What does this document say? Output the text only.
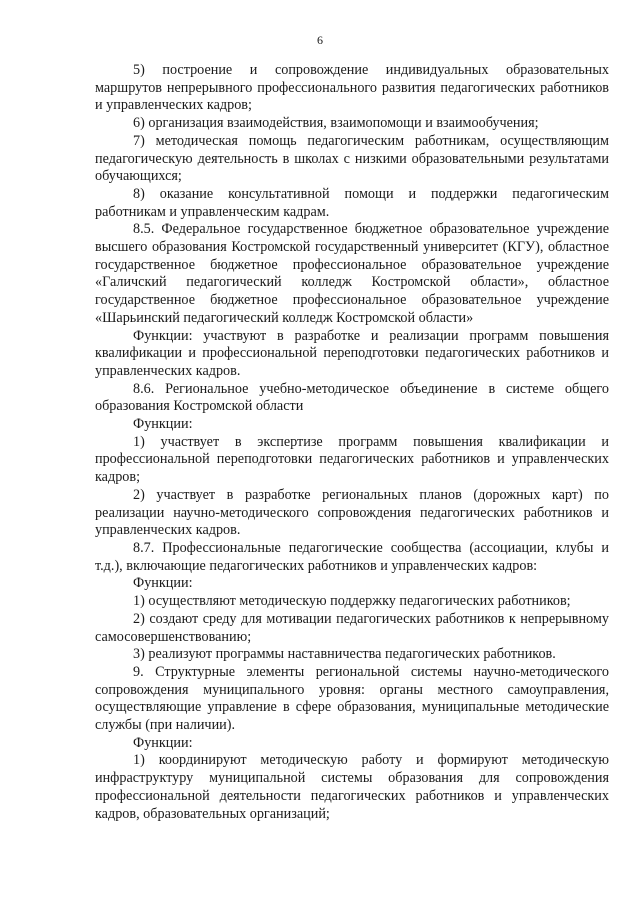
6

5) построение и сопровождение индивидуальных образовательных маршрутов непрерывного профессионального развития педагогических работников и управленческих кадров;

6) организация взаимодействия, взаимопомощи и взаимообучения;

7) методическая помощь педагогическим работникам, осуществляющим педагогическую деятельность в школах с низкими образовательными результатами обучающихся;

8) оказание консультативной помощи и поддержки педагогическим работникам и управленческим кадрам.

8.5. Федеральное государственное бюджетное образовательное учреждение высшего образования Костромской государственный университет (КГУ), областное государственное бюджетное профессиональное образовательное учреждение «Галичский педагогический колледж Костромской области», областное государственное бюджетное профессиональное образовательное учреждение «Шарьинский педагогический колледж Костромской области»

Функции: участвуют в разработке и реализации программ повышения квалификации и профессиональной переподготовки педагогических работников и управленческих кадров.

8.6. Региональное учебно-методическое объединение в системе общего образования Костромской области

Функции:

1) участвует в экспертизе программ повышения квалификации и профессиональной переподготовки педагогических работников и управленческих кадров;

2) участвует в разработке региональных планов (дорожных карт) по реализации научно-методического сопровождения педагогических работников и управленческих кадров.

8.7. Профессиональные педагогические сообщества (ассоциации, клубы и т.д.), включающие педагогических работников и управленческих кадров:

Функции:

1) осуществляют методическую поддержку педагогических работников;

2) создают среду для мотивации педагогических работников к непрерывному самосовершенствованию;

3) реализуют программы наставничества педагогических работников.

9. Структурные элементы региональной системы научно-методического сопровождения муниципального уровня: органы местного самоуправления, осуществляющие управление в сфере образования, муниципальные методические службы (при наличии).

Функции:

1) координируют методическую работу и формируют методическую инфраструктуру муниципальной системы образования для сопровождения профессиональной деятельности педагогических работников и управленческих кадров, образовательных организаций;
